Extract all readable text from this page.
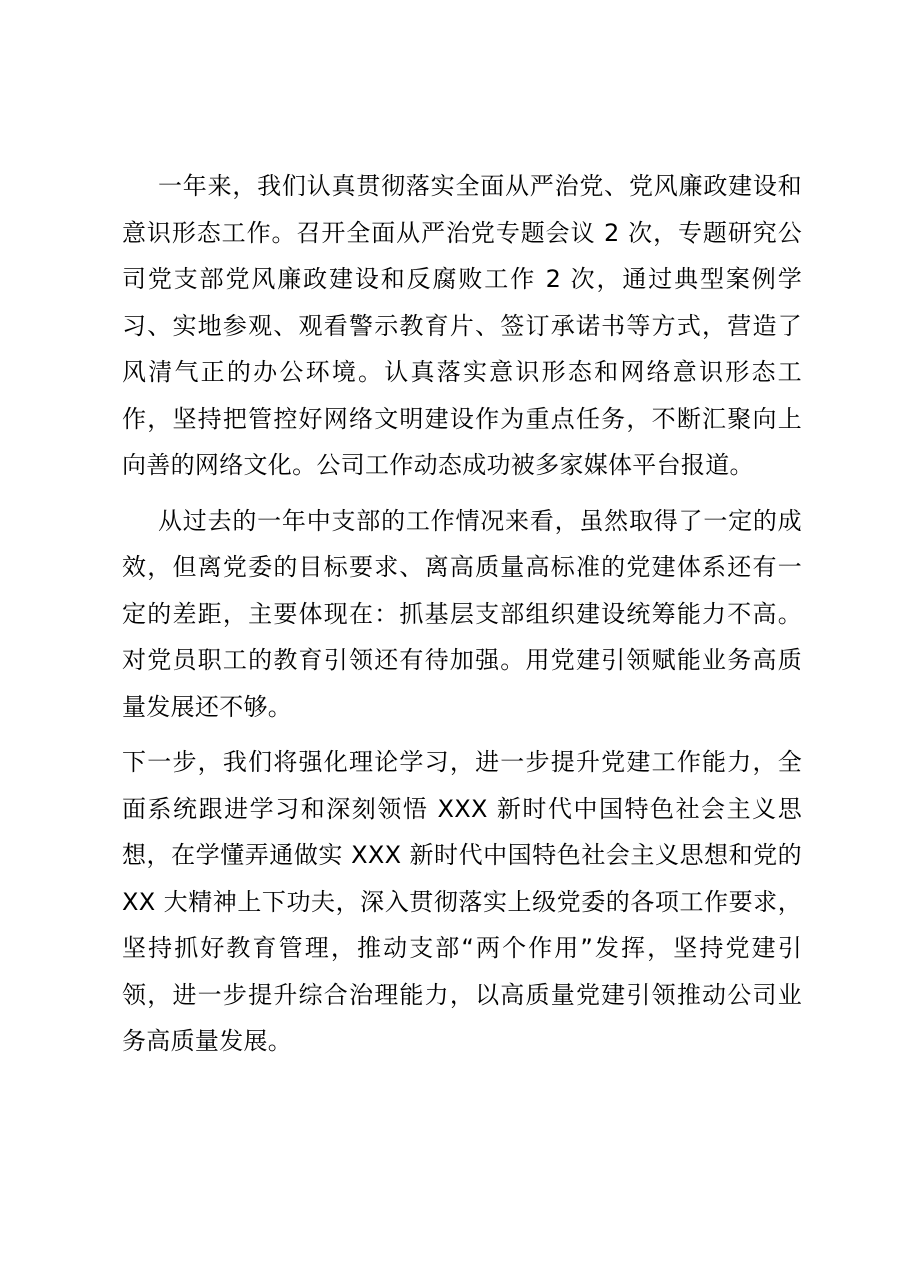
一年来，我们认真贯彻落实全面从严治党、党风廉政建设和意识形态工作。召开全面从严治党专题会议 2 次，专题研究公司党支部党风廉政建设和反腐败工作 2 次，通过典型案例学习、实地参观、观看警示教育片、签订承诺书等方式，营造了风清气正的办公环境。认真落实意识形态和网络意识形态工作，坚持把管控好网络文明建设作为重点任务，不断汇聚向上向善的网络文化。公司工作动态成功被多家媒体平台报道。

从过去的一年中支部的工作情况来看，虽然取得了一定的成效，但离党委的目标要求、离高质量高标准的党建体系还有一定的差距，主要体现在：抓基层支部组织建设统筹能力不高。对党员职工的教育引领还有待加强。用党建引领赋能业务高质量发展还不够。

下一步，我们将强化理论学习，进一步提升党建工作能力，全面系统跟进学习和深刻领悟 XXX 新时代中国特色社会主义思想，在学懂弄通做实 XXX 新时代中国特色社会主义思想和党的 XX 大精神上下功夫，深入贯彻落实上级党委的各项工作要求，坚持抓好教育管理，推动支部“两个作用”发挥，坚持党建引领，进一步提升综合治理能力，以高质量党建引领推动公司业务高质量发展。
